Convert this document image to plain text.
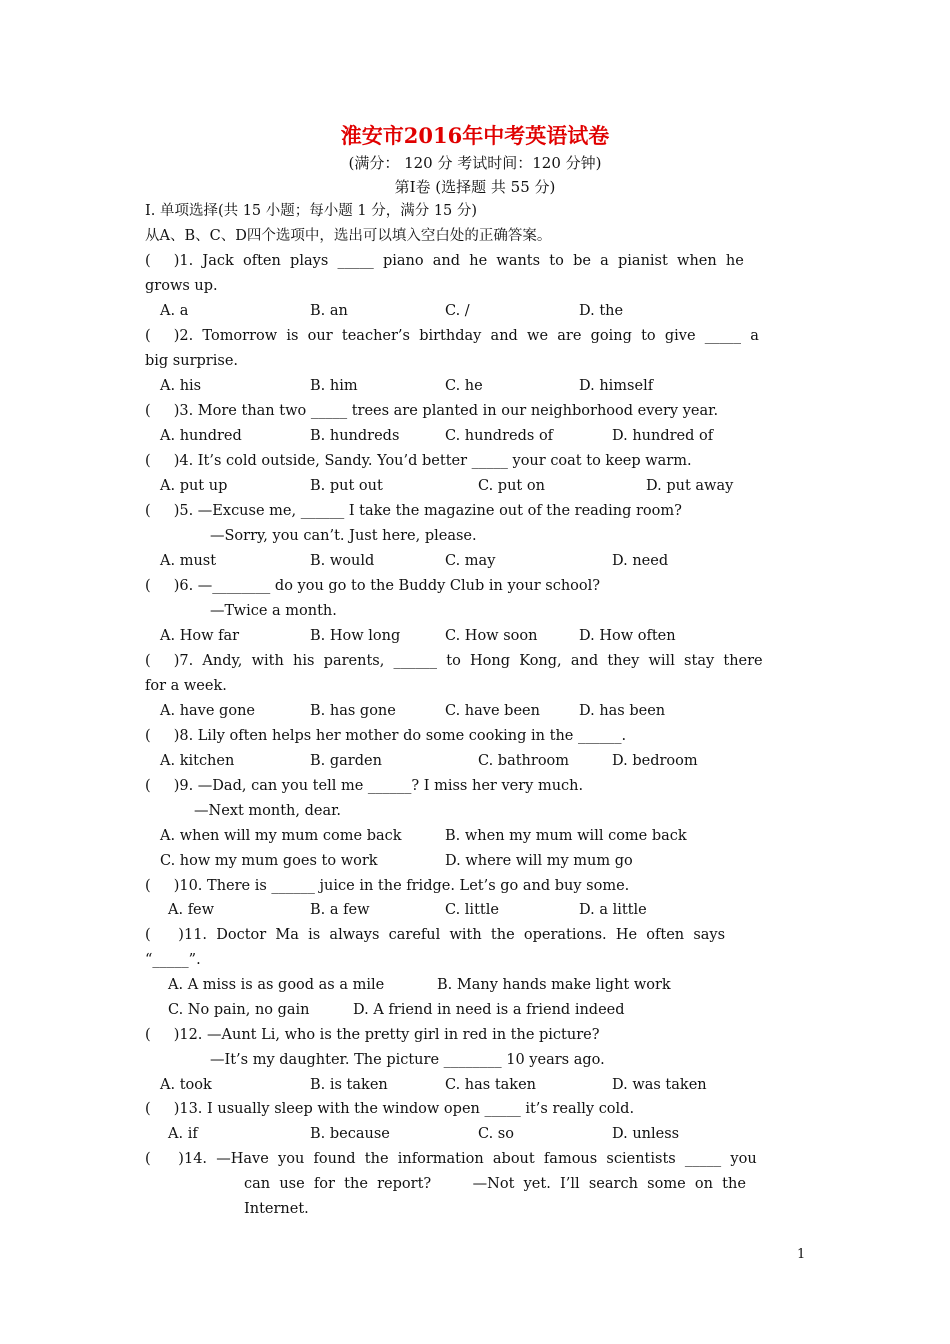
淮安市2016年中考英语试卷
(满分： 120 分 考试时间：120 分钟)
第Ⅰ卷 (选择题 共 55 分)
Ⅰ. 单项选择(共 15 小题；每小题 1 分，满分 15 分)
从A、B、C、D四个选项中，选出可以填入空白处的正确答案。
(     )1.  Jack  often  plays  _____  piano  and  he  wants  to  be  a  pianist  when  he
grows up.
A. a	B. an	C. /	D. the
(     )2.  Tomorrow  is  our  teacher’s  birthday  and  we  are  going  to  give  _____  a
big surprise.
A. his	B. him	C. he	D. himself
(     )3. More than two _____ trees are planted in our neighborhood every year.
A. hundred	B. hundreds	C. hundreds of	D. hundred of
(     )4. It’s cold outside, Sandy. You’d better _____ your coat to keep warm.
A. put up	B. put out	C. put on	D. put away
(     )5. —Excuse me, ______ I take the magazine out of the reading room?
—Sorry, you can’t. Just here, please.
A. must	B. would	C. may	D. need
(     )6. —________ do you go to the Buddy Club in your school?
—Twice a month.
A. How far	B. How long	C. How soon	D. How often
(     )7.  Andy,  with  his  parents,  ______  to  Hong  Kong,  and  they  will  stay  there
for a week.
A. have gone	B. has gone	C. have been	D. has been
(     )8. Lily often helps her mother do some cooking in the ______.
A. kitchen	B. garden	C. bathroom	D. bedroom
(     )9. —Dad, can you tell me ______? I miss her very much.
—Next month, dear.
A. when will my mum come back	B. when my mum will come back
C. how my mum goes to work	D. where will my mum go
(     )10. There is ______ juice in the fridge. Let’s go and buy some.
A. few	B. a few	C. little	D. a little
(      )11.  Doctor  Ma  is  always  careful  with  the  operations.  He  often  says
“_____”.
A. A miss is as good as a mile	B. Many hands make light work
C. No pain, no gain	D. A friend in need is a friend indeed
(     )12. —Aunt Li, who is the pretty girl in red in the picture?
—It’s my daughter. The picture ________ 10 years ago.
A. took	B. is taken	C. has taken	D. was taken
(     )13. I usually sleep with the window open _____ it’s really cold.
A. if	B. because	C. so	D. unless
(      )14.  —Have  you  found  the  information  about  famous  scientists  _____  you
can  use  for  the  report?         —Not  yet.  I’ll  search  some  on  the
Internet.
1
